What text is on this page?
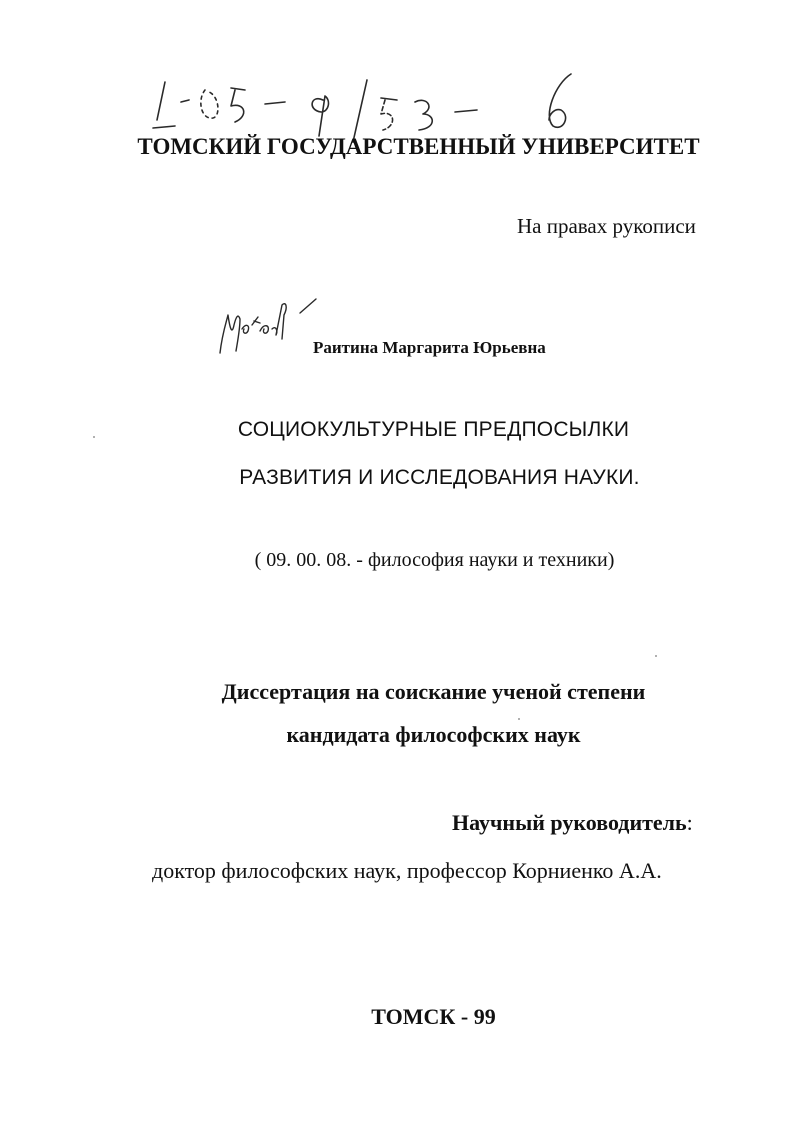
ТОМСКИЙ ГОСУДАРСТВЕННЫЙ УНИВЕРСИТЕТ
На правах рукописи
Раитина Маргарита Юрьевна
СОЦИОКУЛЬТУРНЫЕ ПРЕДПОСЫЛКИ
РАЗВИТИЯ И ИССЛЕДОВАНИЯ НАУКИ.
( 09. 00. 08. - философия науки и техники)
Диссертация на соискание ученой степени
кандидата философских наук
Научный руководитель:
доктор философских наук, профессор Корниенко А.А.
ТОМСК - 99
